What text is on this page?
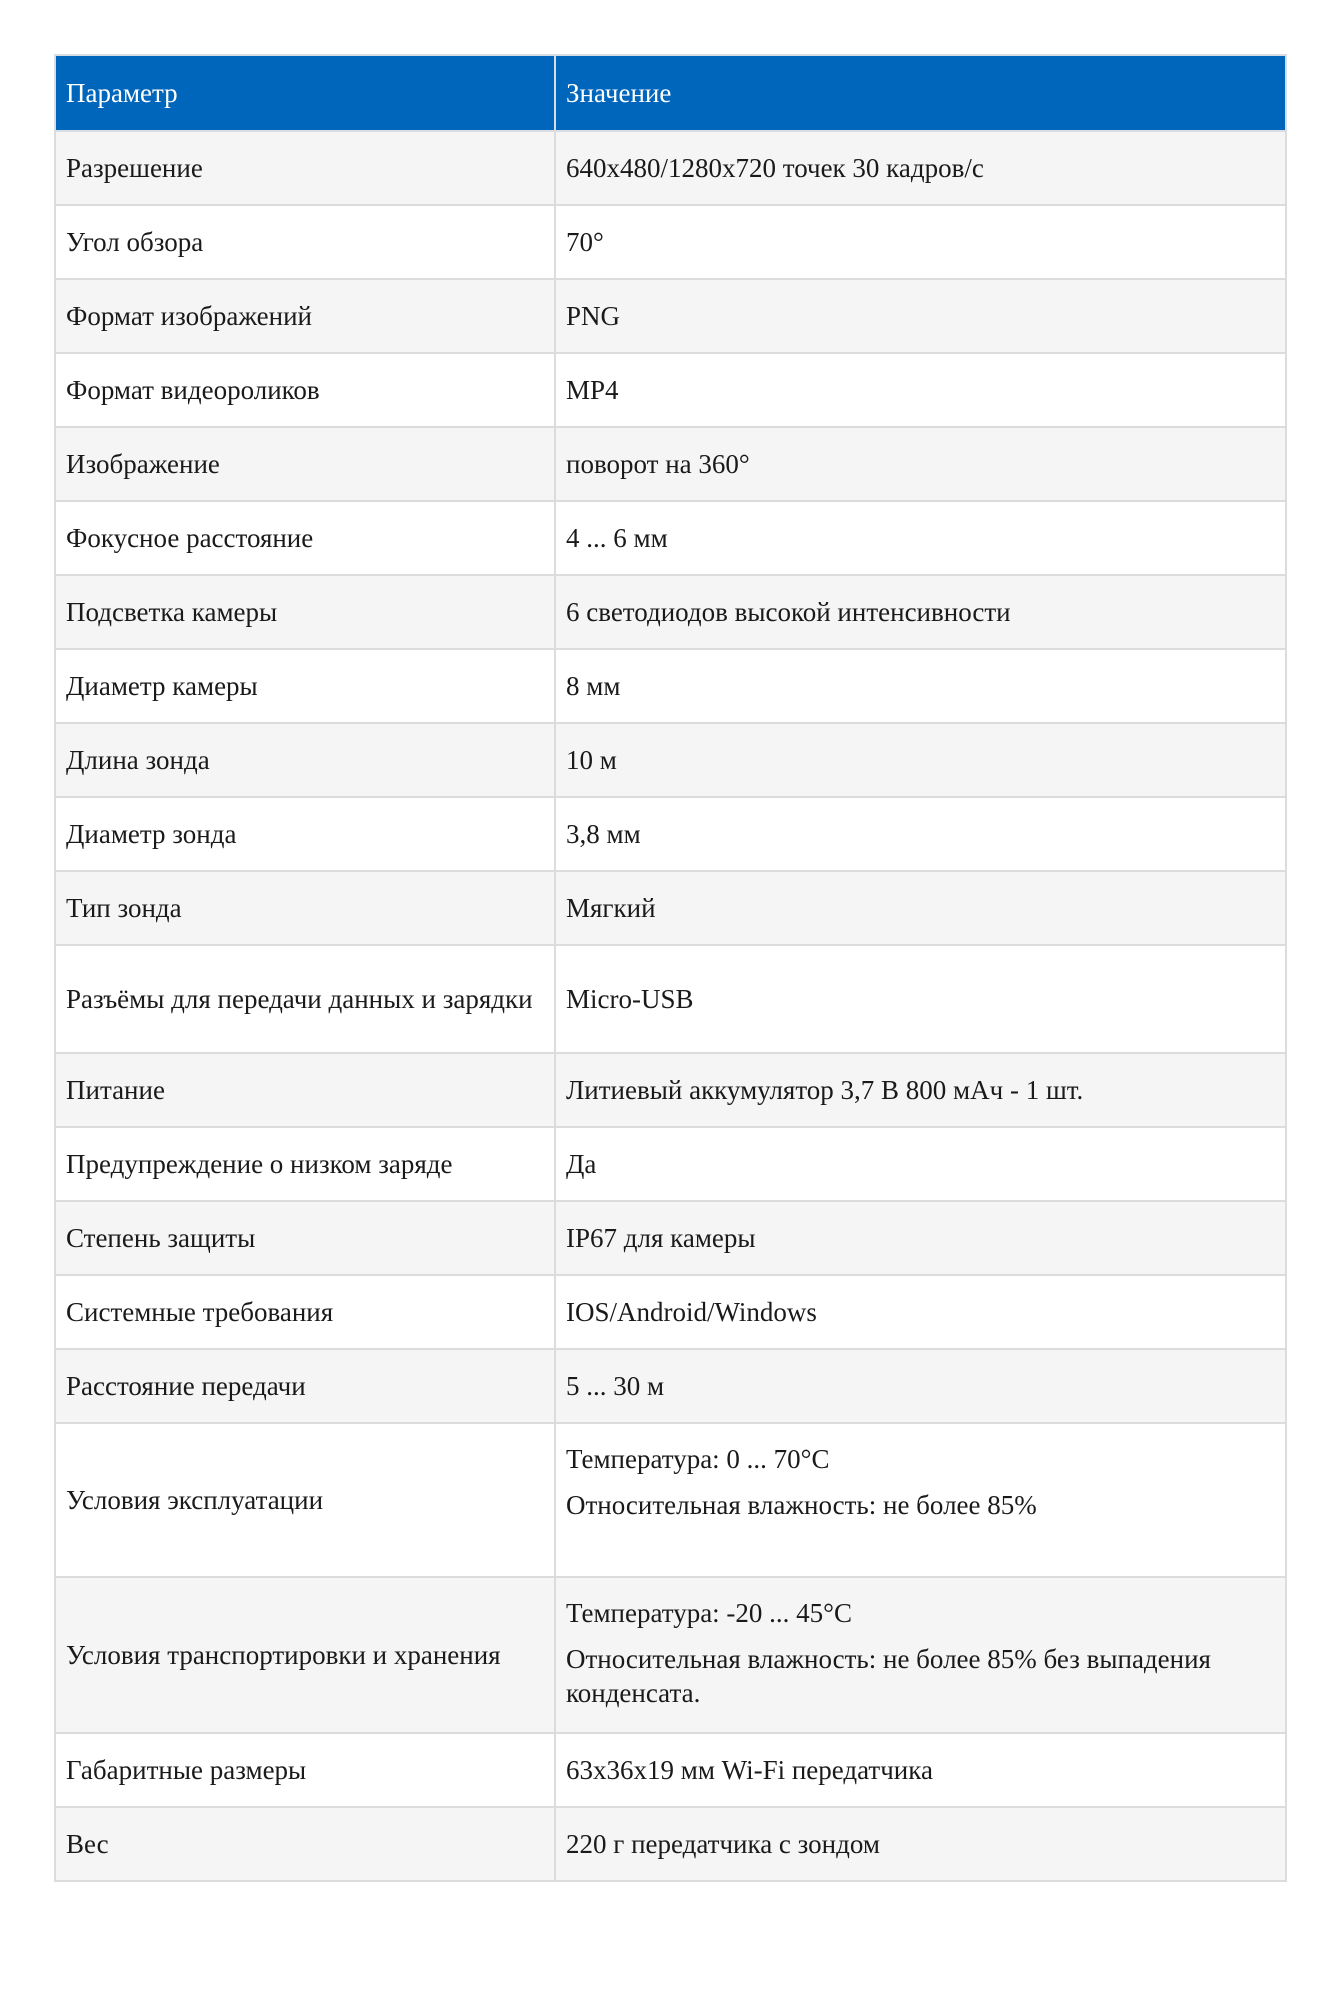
Параметр	Значение
Разрешение	640x480/1280x720 точек 30 кадров/с

Угол обзора	70°

Формат изображений	PNG

Формат видеороликов	MP4

Изображение	поворот на 360°

Фокусное расстояние	4 ... 6 мм

Подсветка камеры	6 светодиодов высокой интенсивности

Диаметр камеры	8 мм

Длина зонда	10 м

Диаметр зонда	3,8 мм

Тип зонда	Мягкий

Разъёмы для передачи данных и зарядки	Micro-USB

Питание	Литиевый аккумулятор 3,7 В 800 мАч - 1 шт.

Предупреждение о низком заряде	Да

Степень защиты	IP67 для камеры

Системные требования	IOS/Android/Windows

Расстояние передачи	5 ... 30 м

Условия эксплуатации	Температура: 0 ... 70°C
Относительная влажность: не более 85%

Условия транспортировки и хранения	Температура: -20 ... 45°C
Относительная влажность: не более 85% без выпадения конденсата.

Габаритные размеры	63x36x19 мм Wi-Fi передатчика

Вес	220 г передатчика с зондом
